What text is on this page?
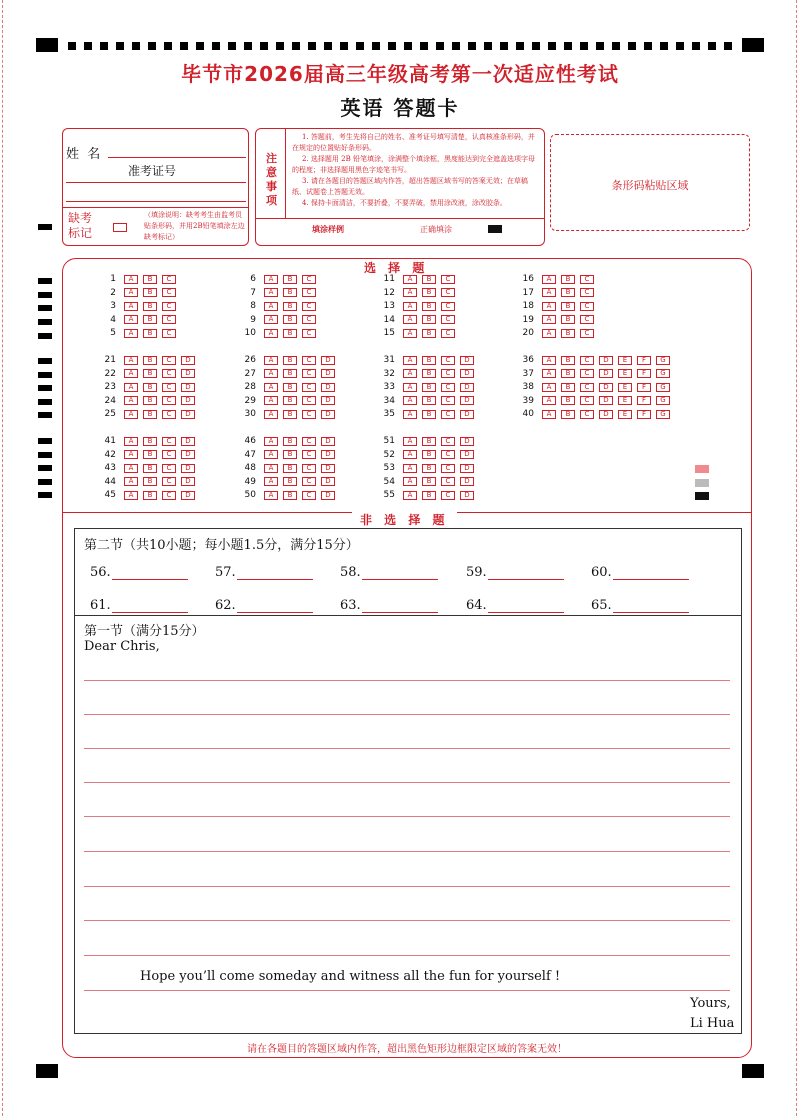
毕节市2026届高三年级高考第一次适应性考试
英语 答题卡
姓  名
准考证号
缺考
标记
（填涂说明：缺考考生由监考员贴条形码，并用2B铅笔填涂左边缺考标记）
注
意
事
项
1. 答题前，考生先将自己的姓名、准考证号填写清楚，认真核准条形码，并在规定的位置贴好条形码。
2. 选择题用 2B 铅笔填涂，涂满整个填涂框，黑度能达到完全遮盖选项字母的程度；非选择题用黑色字迹笔书写。
3. 请在各题目的答题区域内作答，超出答题区域书写的答案无效；在草稿纸、试题卷上答题无效。
4. 保持卡面清洁，不要折叠，不要弄破，禁用涂改液，涂改胶条。
填涂样例	正确填涂
条形码粘贴区域
选 择 题
1 A B C
2 A B C
3 A B C
4 A B C
5 A B C
6 A B C
7 A B C
8 A B C
9 A B C
10 A B C
11 A B C
12 A B C
13 A B C
14 A B C
15 A B C
16 A B C
17 A B C
18 A B C
19 A B C
20 A B C
21 A B C D
22 A B C D
23 A B C D
24 A B C D
25 A B C D
26 A B C D
27 A B C D
28 A B C D
29 A B C D
30 A B C D
31 A B C D
32 A B C D
33 A B C D
34 A B C D
35 A B C D
36 A B C D E F G
37 A B C D E F G
38 A B C D E F G
39 A B C D E F G
40 A B C D E F G
41 A B C D
42 A B C D
43 A B C D
44 A B C D
45 A B C D
46 A B C D
47 A B C D
48 A B C D
49 A B C D
50 A B C D
51 A B C D
52 A B C D
53 A B C D
54 A B C D
55 A B C D
非 选 择 题
第二节（共10小题；每小题1.5分，满分15分）
56.	57.	58.	59.	60.
61.	62.	63.	64.	65.
第一节（满分15分）
Dear Chris,
Hope you’ll come someday and witness all the fun for yourself !
Yours,
Li Hua
请在各题目的答题区域内作答，超出黑色矩形边框限定区域的答案无效！
